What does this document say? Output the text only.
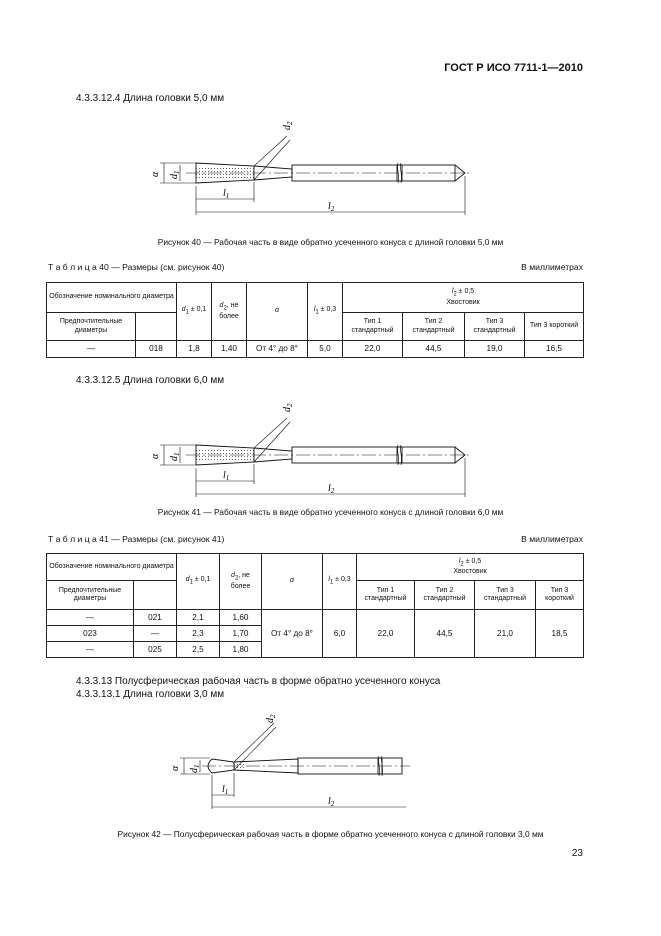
ГОСТ Р ИСО 7711-1—2010
4.3.3.12.4 Длина головки 5,0 мм
α $d_1$
$d_2$
$l_1$
$l_2$
Рисунок 40 — Рабочая часть в виде обратно усеченного конуса с длиной головки 5,0 мм
Т а б л и ц а 40 — Размеры (см. рисунок 40)	В миллиметрах
Обозначение номинального диаметра		$d_1 \pm 0,1$	$d_2$, не более	α	$l_1 \pm 0,3$	$l_2 \pm 0,5$
Хвостовик			
Предпочтительные диаметры						Тип 1 стандартный	Тип 2 стандартный	Тип 3 стандартный	Тип 3 короткий
—	018	1,8	1,40	От 4° до 8°	5,0	22,0	44,5	19,0	16,5
4.3.3.12.5 Длина головки 6,0 мм
α $d_1$
$d_2$
$l_1$
$l_2$
Рисунок 41 — Рабочая часть в виде обратно усеченного конуса с длиной головки 6,0 мм
Т а б л и ц а 41 — Размеры (см. рисунок 41)	В миллиметрах
Обозначение номинального диаметра		$d_1 \pm 0,1$	$d_2$, не более	α	$l_1 \pm 0,3$	$l_2 \pm 0,5$
Хвостовик			
Предпочтительные диаметры						Тип 1 стандартный	Тип 2 стандартный	Тип 3 стандартный	Тип 3 короткий
—	021	2,1	1,60	От 4° до 8°	6,0	22,0	44,5	21,0	18,5
023	—	2,3	1,70						
—	025	2,5	1,80						
4.3.3.13 Полусферическая рабочая часть в форме обратно усеченного конуса
4.3.3.13.1 Длина головки 3,0 мм
α $d_1$
$d_2$
$l_1$
$l_2$
Рисунок 42 — Полусферическая рабочая часть в форме обратно усеченного конуса с длиной головки 3,0 мм
23
